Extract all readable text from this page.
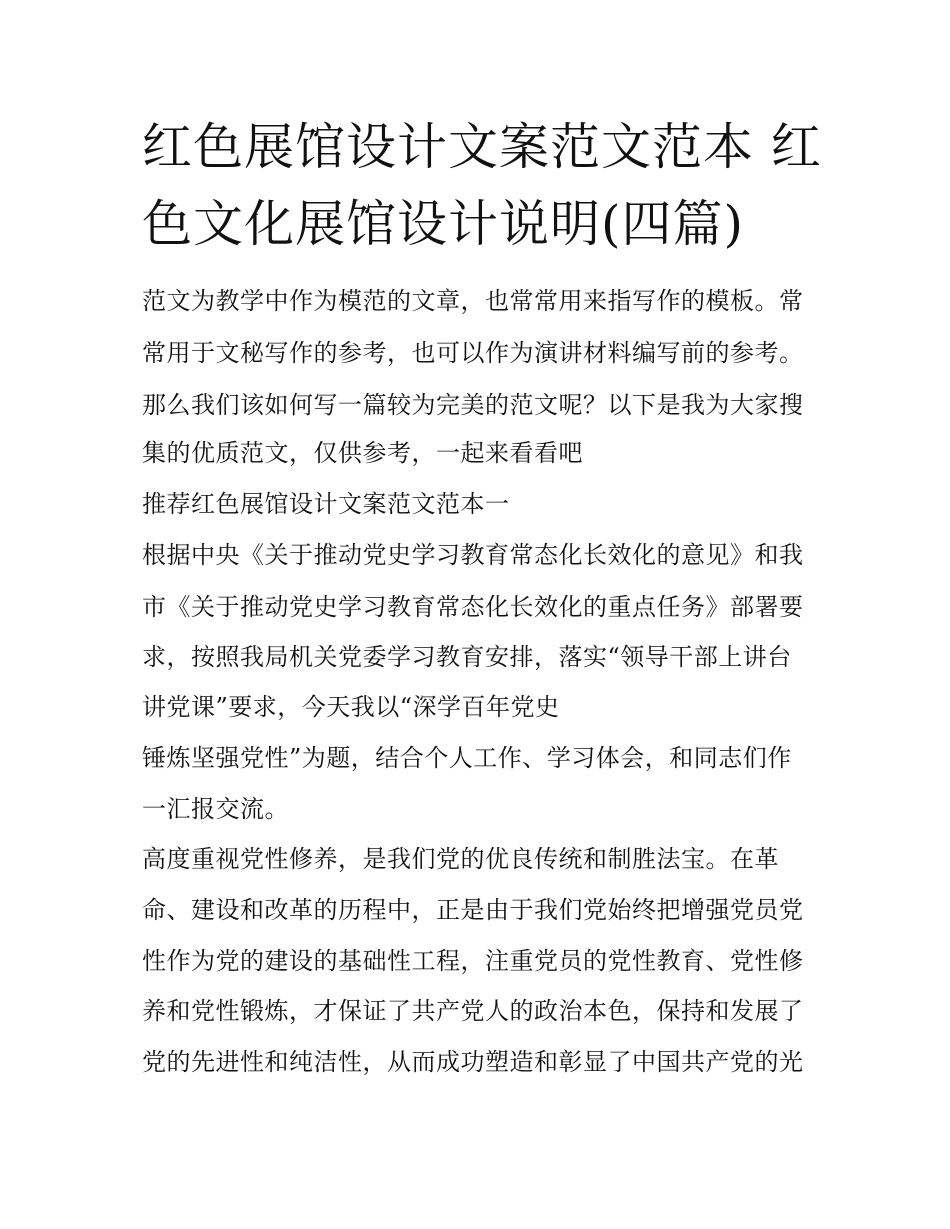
红色展馆设计文案范文范本 红
色文化展馆设计说明(四篇)
范文为教学中作为模范的文章，也常常用来指写作的模板。常
常用于文秘写作的参考，也可以作为演讲材料编写前的参考。
那么我们该如何写一篇较为完美的范文呢？以下是我为大家搜
集的优质范文，仅供参考，一起来看看吧
推荐红色展馆设计文案范文范本一
根据中央《关于推动党史学习教育常态化长效化的意见》和我
市《关于推动党史学习教育常态化长效化的重点任务》部署要
求，按照我局机关党委学习教育安排，落实“领导干部上讲台
讲党课”要求，今天我以“深学百年党史
锤炼坚强党性”为题，结合个人工作、学习体会，和同志们作
一汇报交流。
高度重视党性修养，是我们党的优良传统和制胜法宝。在革
命、建设和改革的历程中，正是由于我们党始终把增强党员党
性作为党的建设的基础性工程，注重党员的党性教育、党性修
养和党性锻炼，才保证了共产党人的政治本色，保持和发展了
党的先进性和纯洁性，从而成功塑造和彰显了中国共产党的光
